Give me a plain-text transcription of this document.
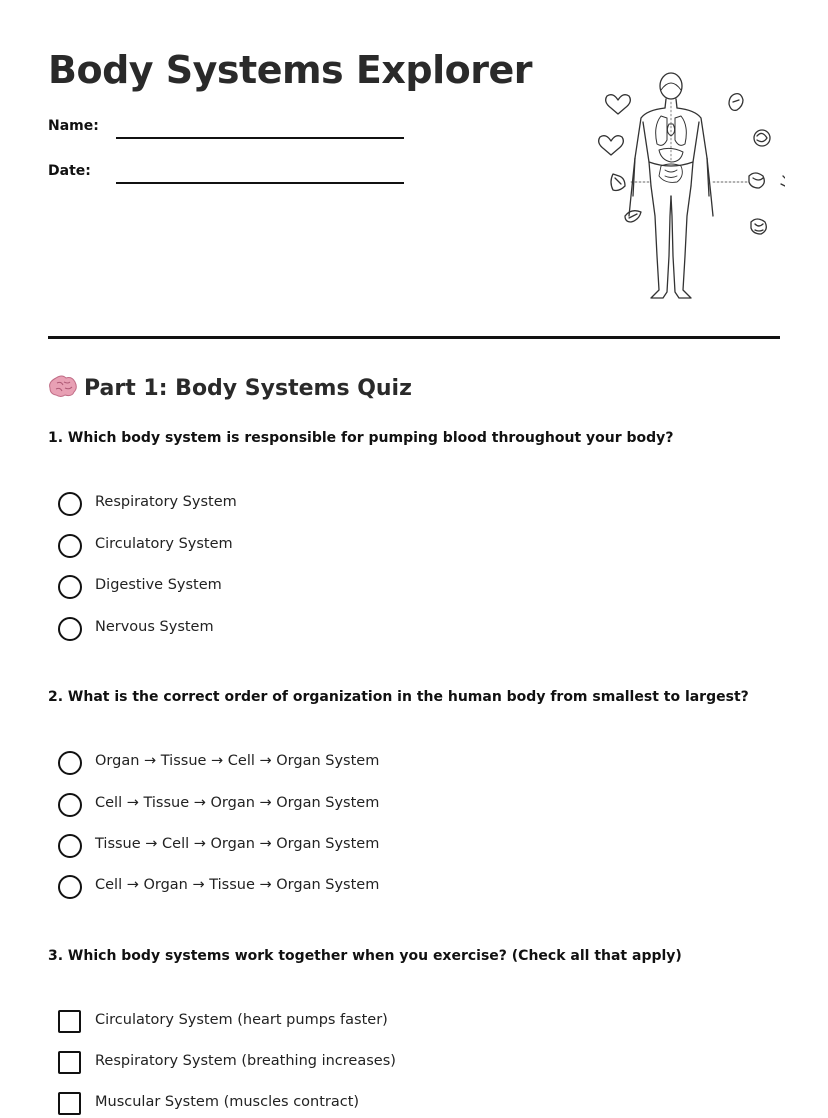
Body Systems Explorer
Name:
Date:
Part 1: Body Systems Quiz

1. Which body system is responsible for pumping blood throughout your body?

Respiratory System
Circulatory System
Digestive System
Nervous System

2. What is the correct order of organization in the human body from smallest to largest?

Organ → Tissue → Cell → Organ System
Cell → Tissue → Organ → Organ System
Tissue → Cell → Organ → Organ System
Cell → Organ → Tissue → Organ System

3. Which body systems work together when you exercise? (Check all that apply)

Circulatory System (heart pumps faster)
Respiratory System (breathing increases)
Muscular System (muscles contract)
